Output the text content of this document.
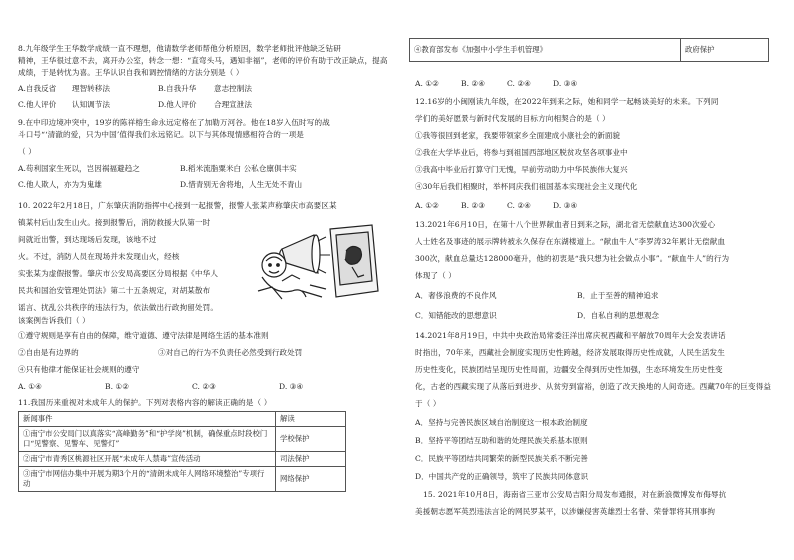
8.九年级学生王华数学成绩一直不理想，他请数学老师帮他分析原因，数学老师批评他缺乏钻研
精神，王华很过意不去，离开办公室，转念一想：“直弯头马，遇知非福”，老师的评价有助于改正缺点，提高
成绩，于是转忧为喜。王华认识自我和调控情绪的方法分别是（ ）
A.自我反省 理智转移法	B.自我升华 意志控制法
C.他人评价 认知调节法	D.他人评价 合理宣泄法
9.在中印边境冲突中，19岁的陈祥榕生命永远定格在了加勒万河谷。他在18岁入伍时写的战
斗口号“‘清澈的爱，只为中国’值得我们永远铭记。以下与其体现情感相符合的一项是
（ ）
A.苟利国家生死以，岂因祸福避趋之	B.稻米流脂粟米白 公私仓廪俱丰实
C.他人欺人，亦为为鬼雄	D.惜青别无舍将地，人生无处不青山
10. 2022年2月18日，广东肇庆消防指挥中心接到一起报警，报警人张某声称肇庆市高要区某
镇某村后山发生山火。接到报警后，消防救援大队第一时
间就近出警，到达现场后发现，该地不过
火。不过，消防人员在现场并未发现山火，经核
实张某为虚假报警。肇庆市公安局高要区分局根据《中华人
民共和国治安管理处罚法》第二十五条规定，对胡某散布
谣言、扰乱公共秩序的违法行为，依法做出行政拘留处罚。
该案例告诉我们（ ）
①遵守规则是享有自由的保障，维守道德、遵守法律是网络生活的基本准则
②自由是有边界的	③对自己的行为不负责任必然受到行政处罚
④只有他律才能保证社会规则的遵守
A. ①④	B. ①②	C. ②③	D. ③④
11.我国历来重视对未成年人的保护。下列对表格内容的解读正确的是（ ）
新闻事件	解读
①南宁市公安局门以真落实“高峰勤务”和“护学岗”机制，确保重点时段校门口“见警察、见警车、见警灯”	学校保护
②南宁市青秀区桃源社区开展“未成年人禁毒”宣传活动	司法保护
③南宁市网信办集中开展为期3个月的“清朗未成年人网络环境整治”专项行动	网络保护
④教育部发布《加强中小学生手机管理》	政府保护
A. ①②	B. ②④	C. ②④	D. ③④
12.16岁的小闽刚读九年级，在2022年到来之际，她和同学一起畅谈美好的未来。下列同
学们的美好愿景与新时代发展的目标方向相契合的是（ ）
①我等很回到老家，我要带领家乡全面建成小康社会的新面貌
②我在大学毕业后，将参与到祖国西部地区脱贫攻坚各项事业中
③我高中毕业后打算守门无愧，早前劳动助力中华民族伟大复兴
④30年后我们相聚时，举杯同庆我们祖国基本实现社会主义现代化
A. ①②	B. ②③	C. ②④	D. ③④
13.2021年6月10日，在第十八个世界献血者日到来之际，湖北省无偿献血达300次爱心
人士姓名及事迹的展示牌转被永久保存在东湖楼道上。“献血牛人”李罗涛32年累计无偿献血
300次，献血总量达128000毫升，他的初衷是“我只想为社会做点小事”。“献血牛人”的行为
体现了（ ）
A．奢侈浪费的不良作风	B．止于至善的精神追求
C．知错能改的思想意识	D．自私自利的思想观念
14.2021年8月19日，中共中央政治局常委汪洋出席庆祝西藏和平解放70周年大会发表讲话
时指出，70年来，西藏社会制度实现历史性跨越，经济发展取得历史性成就，人民生活发生
历史性变化，民族团结呈现历史性局面，边疆安全得到历史性加强，生态环境发生历史性变
化，古老的西藏实现了从落后到进步、从贫穷到富裕，创造了改天换地的人间奇迹。西藏70年的巨变得益
于（ ）
A．坚持与完善民族区域自治制度这一根本政治制度
B．坚持平等团结互助和谐的处理民族关系基本原则
C．民族平等团结共同繁荣的新型民族关系不断完善
D．中国共产党的正确领导，筑牢了民族共同体意识
15. 2021年10月8日，海南省三亚市公安局吉阳分局发布通报，对在新浪微博发布侮辱抗
美援朝志愿军英烈违法言论的网民罗某平，以涉嫌侵害英雄烈士名誉、荣誉罪将其刑事拘
